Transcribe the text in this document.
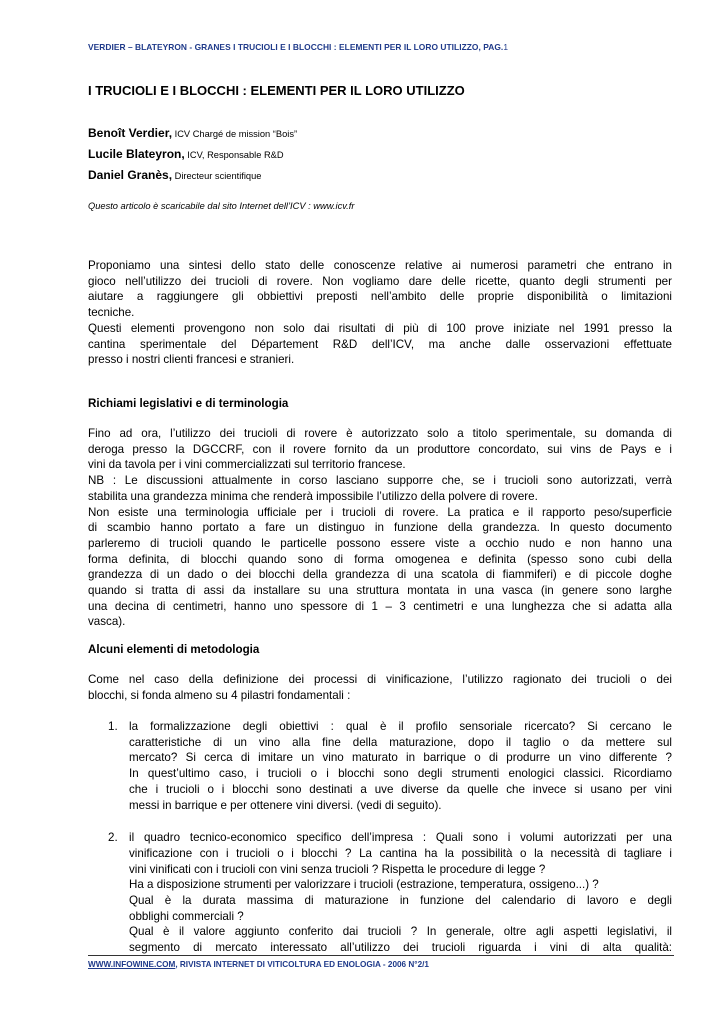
VERDIER – BLATEYRON - GRANES I TRUCIOLI E I BLOCCHI : ELEMENTI PER IL LORO UTILIZZO, PAG.1
I TRUCIOLI E I BLOCCHI : ELEMENTI PER IL LORO UTILIZZO
Benoît Verdier, ICV Chargé de mission “Bois”
Lucile Blateyron, ICV, Responsable R&D
Daniel Granès, Directeur scientifique
Questo articolo è scaricabile dal sito Internet dell’ICV : www.icv.fr
Proponiamo una sintesi dello stato delle conoscenze relative ai numerosi parametri che entrano in
gioco nell’utilizzo dei trucioli di rovere. Non vogliamo dare delle ricette, quanto degli strumenti per
aiutare a raggiungere gli obbiettivi preposti nell’ambito delle proprie disponibilità o limitazioni
tecniche.
Questi elementi provengono non solo dai risultati di più di 100 prove iniziate nel 1991 presso la
cantina sperimentale del Département R&D dell’ICV, ma anche dalle osservazioni effettuate
presso i nostri clienti francesi e stranieri.
Richiami legislativi e di terminologia
Fino ad ora, l’utilizzo dei trucioli di rovere è autorizzato solo a titolo sperimentale, su domanda di
deroga presso la DGCCRF, con il rovere fornito da un produttore concordato, sui vins de Pays e i
vini da tavola per i vini commercializzati sul territorio francese.
NB : Le discussioni attualmente in corso lasciano supporre che, se i trucioli sono autorizzati, verrà
stabilita una grandezza minima che renderà impossibile l’utilizzo della polvere di rovere.
Non esiste una terminologia ufficiale per i trucioli di rovere. La pratica e il rapporto peso/superficie
di scambio hanno portato a fare un distinguo in funzione della grandezza. In questo documento
parleremo di trucioli quando le particelle possono essere viste a occhio nudo e non hanno una
forma definita, di blocchi quando sono di forma omogenea e definita (spesso sono cubi della
grandezza di un dado o dei blocchi della grandezza di una scatola di fiammiferi) e di piccole doghe
quando si tratta di assi da installare su una struttura montata in una vasca (in genere sono larghe
una decina di centimetri, hanno uno spessore di 1 – 3 centimetri e una lunghezza che si adatta alla
vasca).
Alcuni elementi di metodologia
Come nel caso della definizione dei processi di vinificazione, l’utilizzo ragionato dei trucioli o dei
blocchi, si fonda almeno su 4 pilastri fondamentali :
1. la formalizzazione degli obiettivi : qual è il profilo sensoriale ricercato? Si cercano le
caratteristiche di un vino alla fine della maturazione, dopo il taglio o da mettere sul
mercato? Si cerca di imitare un vino maturato in barrique o di produrre un vino differente ?
In quest’ultimo caso, i trucioli o i blocchi sono degli strumenti enologici classici. Ricordiamo
che i trucioli o i blocchi sono destinati a uve diverse da quelle che invece si usano per vini
messi in barrique e per ottenere vini diversi. (vedi di seguito).
2. il quadro tecnico-economico specifico dell’impresa : Quali sono i volumi autorizzati per una
vinificazione con i trucioli o i blocchi ? La cantina ha la possibilità o la necessità di tagliare i
vini vinificati con i trucioli con vini senza trucioli ? Rispetta le procedure di legge ?
Ha a disposizione strumenti per valorizzare i trucioli (estrazione, temperatura, ossigeno...) ?
Qual è la durata massima di maturazione in funzione del calendario di lavoro e degli
obblighi commerciali ?
Qual è il valore aggiunto conferito dai trucioli ? In generale, oltre agli aspetti legislativi, il
segmento di mercato interessato all’utilizzo dei trucioli riguarda i vini di alta qualità:
WWW.INFOWINE.COM, RIVISTA INTERNET DI VITICOLTURA ED ENOLOGIA - 2006 N°2/1
